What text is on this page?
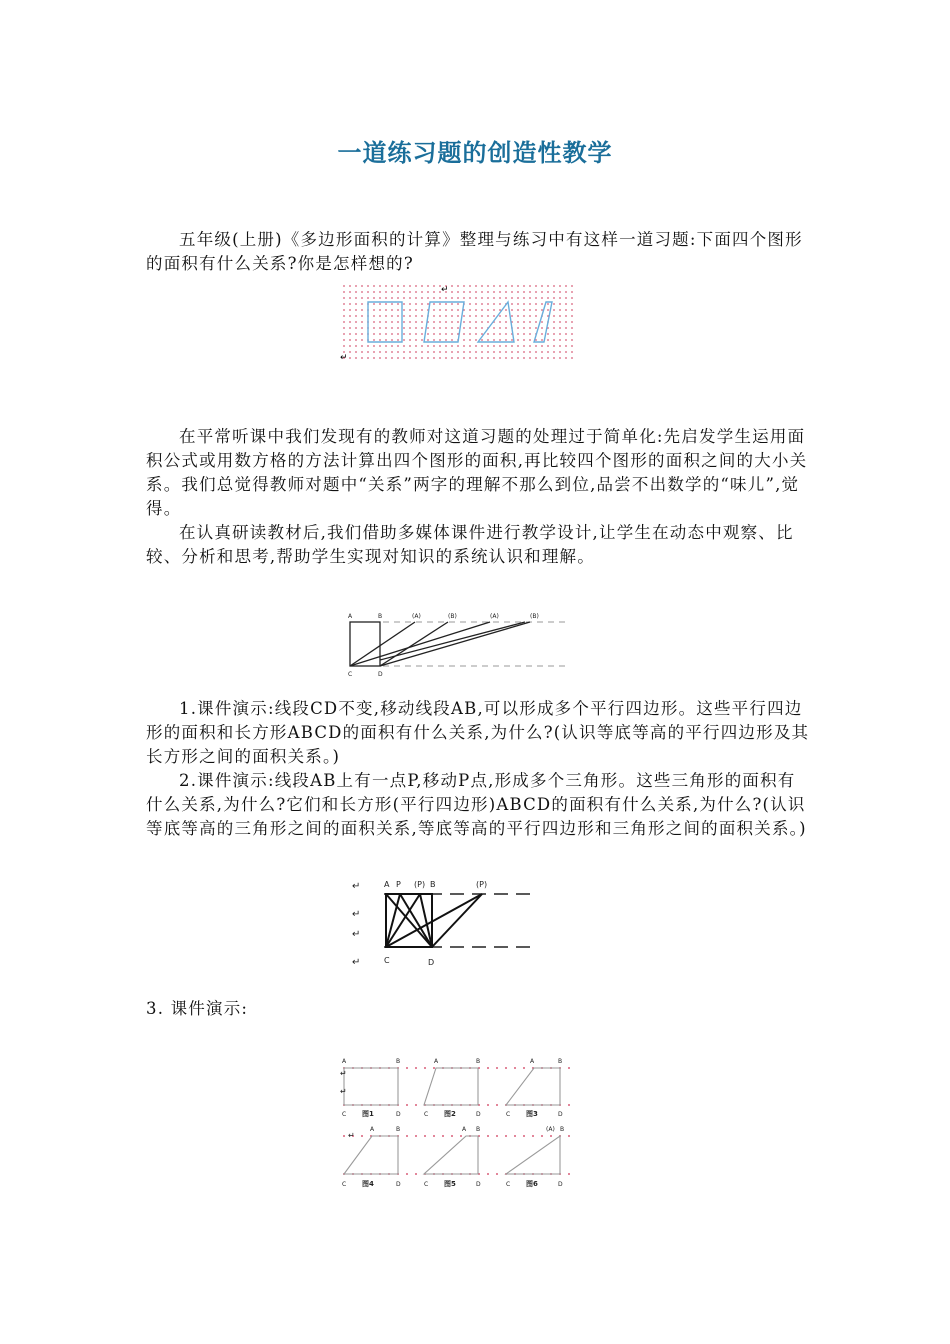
一道练习题的创造性教学

五年级(上册)《多边形面积的计算》整理与练习中有这样一道习题:下面四个图形的面积有什么关系?你是怎样想的?

↵
↵

在平常听课中我们发现有的教师对这道习题的处理过于简单化:先启发学生运用面积公式或用数方格的方法计算出四个图形的面积,再比较四个图形的面积之间的大小关系。我们总觉得教师对题中“关系”两字的理解不那么到位,品尝不出数学的“味儿”,觉得。

在认真研读教材后,我们借助多媒体课件进行教学设计,让学生在动态中观察、比较、分析和思考,帮助学生实现对知识的系统认识和理解。

A	B	(A)	(B)	(A)	(B)
C	D

1.课件演示:线段CD不变,移动线段AB,可以形成多个平行四边形。这些平行四边形的面积和长方形ABCD的面积有什么关系,为什么?(认识等底等高的平行四边形及其长方形之间的面积关系。)

2.课件演示:线段AB上有一点P,移动P点,形成多个三角形。这些三角形的面积有什么关系,为什么?它们和长方形(平行四边形)ABCD的面积有什么关系,为什么?(认识等底等高的三角形之间的面积关系,等底等高的平行四边形和三角形之间的面积关系。)

A P (P) B	(P)
C	D
↵
↵
↵
↵

3. 课件演示:

A	B	A	B	A	B
A	B	A B	(A) B
C	D	C	D	C	D
C	D	C	D	C	D
图1	图2	图3
图4	图5	图6
↵
↵
↵
